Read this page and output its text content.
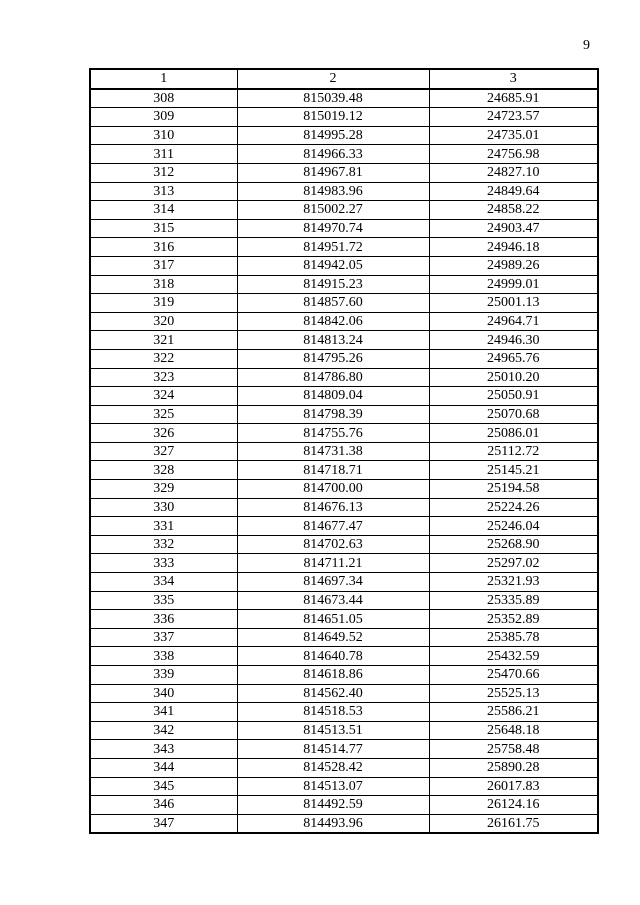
9
1	2	3
308	815039.48	24685.91
309	815019.12	24723.57
310	814995.28	24735.01
311	814966.33	24756.98
312	814967.81	24827.10
313	814983.96	24849.64
314	815002.27	24858.22
315	814970.74	24903.47
316	814951.72	24946.18
317	814942.05	24989.26
318	814915.23	24999.01
319	814857.60	25001.13
320	814842.06	24964.71
321	814813.24	24946.30
322	814795.26	24965.76
323	814786.80	25010.20
324	814809.04	25050.91
325	814798.39	25070.68
326	814755.76	25086.01
327	814731.38	25112.72
328	814718.71	25145.21
329	814700.00	25194.58
330	814676.13	25224.26
331	814677.47	25246.04
332	814702.63	25268.90
333	814711.21	25297.02
334	814697.34	25321.93
335	814673.44	25335.89
336	814651.05	25352.89
337	814649.52	25385.78
338	814640.78	25432.59
339	814618.86	25470.66
340	814562.40	25525.13
341	814518.53	25586.21
342	814513.51	25648.18
343	814514.77	25758.48
344	814528.42	25890.28
345	814513.07	26017.83
346	814492.59	26124.16
347	814493.96	26161.75
